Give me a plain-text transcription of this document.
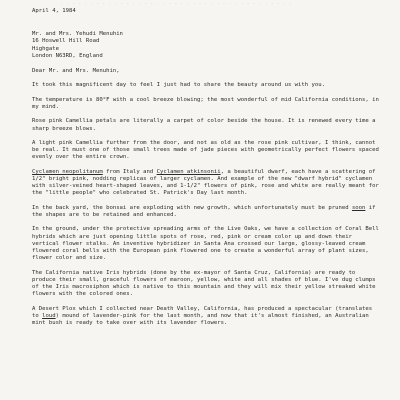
. . . . . . . . . . . . . . . . . . . . . . . . . . . . . . . . . . . . . . .
April 4, 1984
Mr. and Mrs. Yehudi Menuhin
16 Hoswell Hill Road
Highgate
London N63RD, England
Dear Mr. and Mrs. Menuhin,

It took this magnificent day to feel I just had to share the beauty around us with you.

The temperature is 80°F with a cool breeze blowing; the most wonderful of mid California conditions, in my mind.

Rose pink Camellia petals are literally a carpet of color beside the house. It is renewed every time a sharp breeze blows.

A light pink Camellia further from the door, and not as old as the rose pink cultivar, I think, cannot be real. It must one of those small trees made of jade pieces with geometrically perfect flowers spaced evenly over the entire crown.

Cyclamen neopolitanum from Italy and Cyclamen atkinsonii, a beautiful dwarf, each have a scattering of 1/2" bright pink, nodding replicas of larger cyclamen. And example of the new "dwarf hybrid" cyclamen with silver-veined heart-shaped leaves, and 1-1/2" flowers of pink, rose and white are really meant for the "little people" who celebrated St. Patrick's Day last month.

In the back yard, the bonsai are exploding with new growth, which unfortunately must be pruned soon if the shapes are to be retained and enhanced.

In the ground, under the protective spreading arms of the Live Oaks, we have a collection of Coral Bell hybrids which are just opening little spots of rose, red, pink or cream color up and down their vertical flower stalks. An inventive hybridizer in Santa Ana crossed our large, glossy-leaved cream flowered coral bells with the European pink flowered one to create a wonderful array of plant sizes, flower color and size.

The California native Iris hybrids (done by the ex-mayor of Santa Cruz, California) are ready to produce their small, graceful flowers of maroon, yellow, white and all shades of blue. I've dug clumps of the Iris macrosiphon which is native to this mountain and they will mix their yellow streaked white flowers with the colored ones.

A Desert Plox which I collected near Death Valley, California, has produced a spectacular (translates to loud) mound of lavender-pink for the last month, and now that it's almost finished, an Australian mint bush is ready to take over with its lavender flowers.
